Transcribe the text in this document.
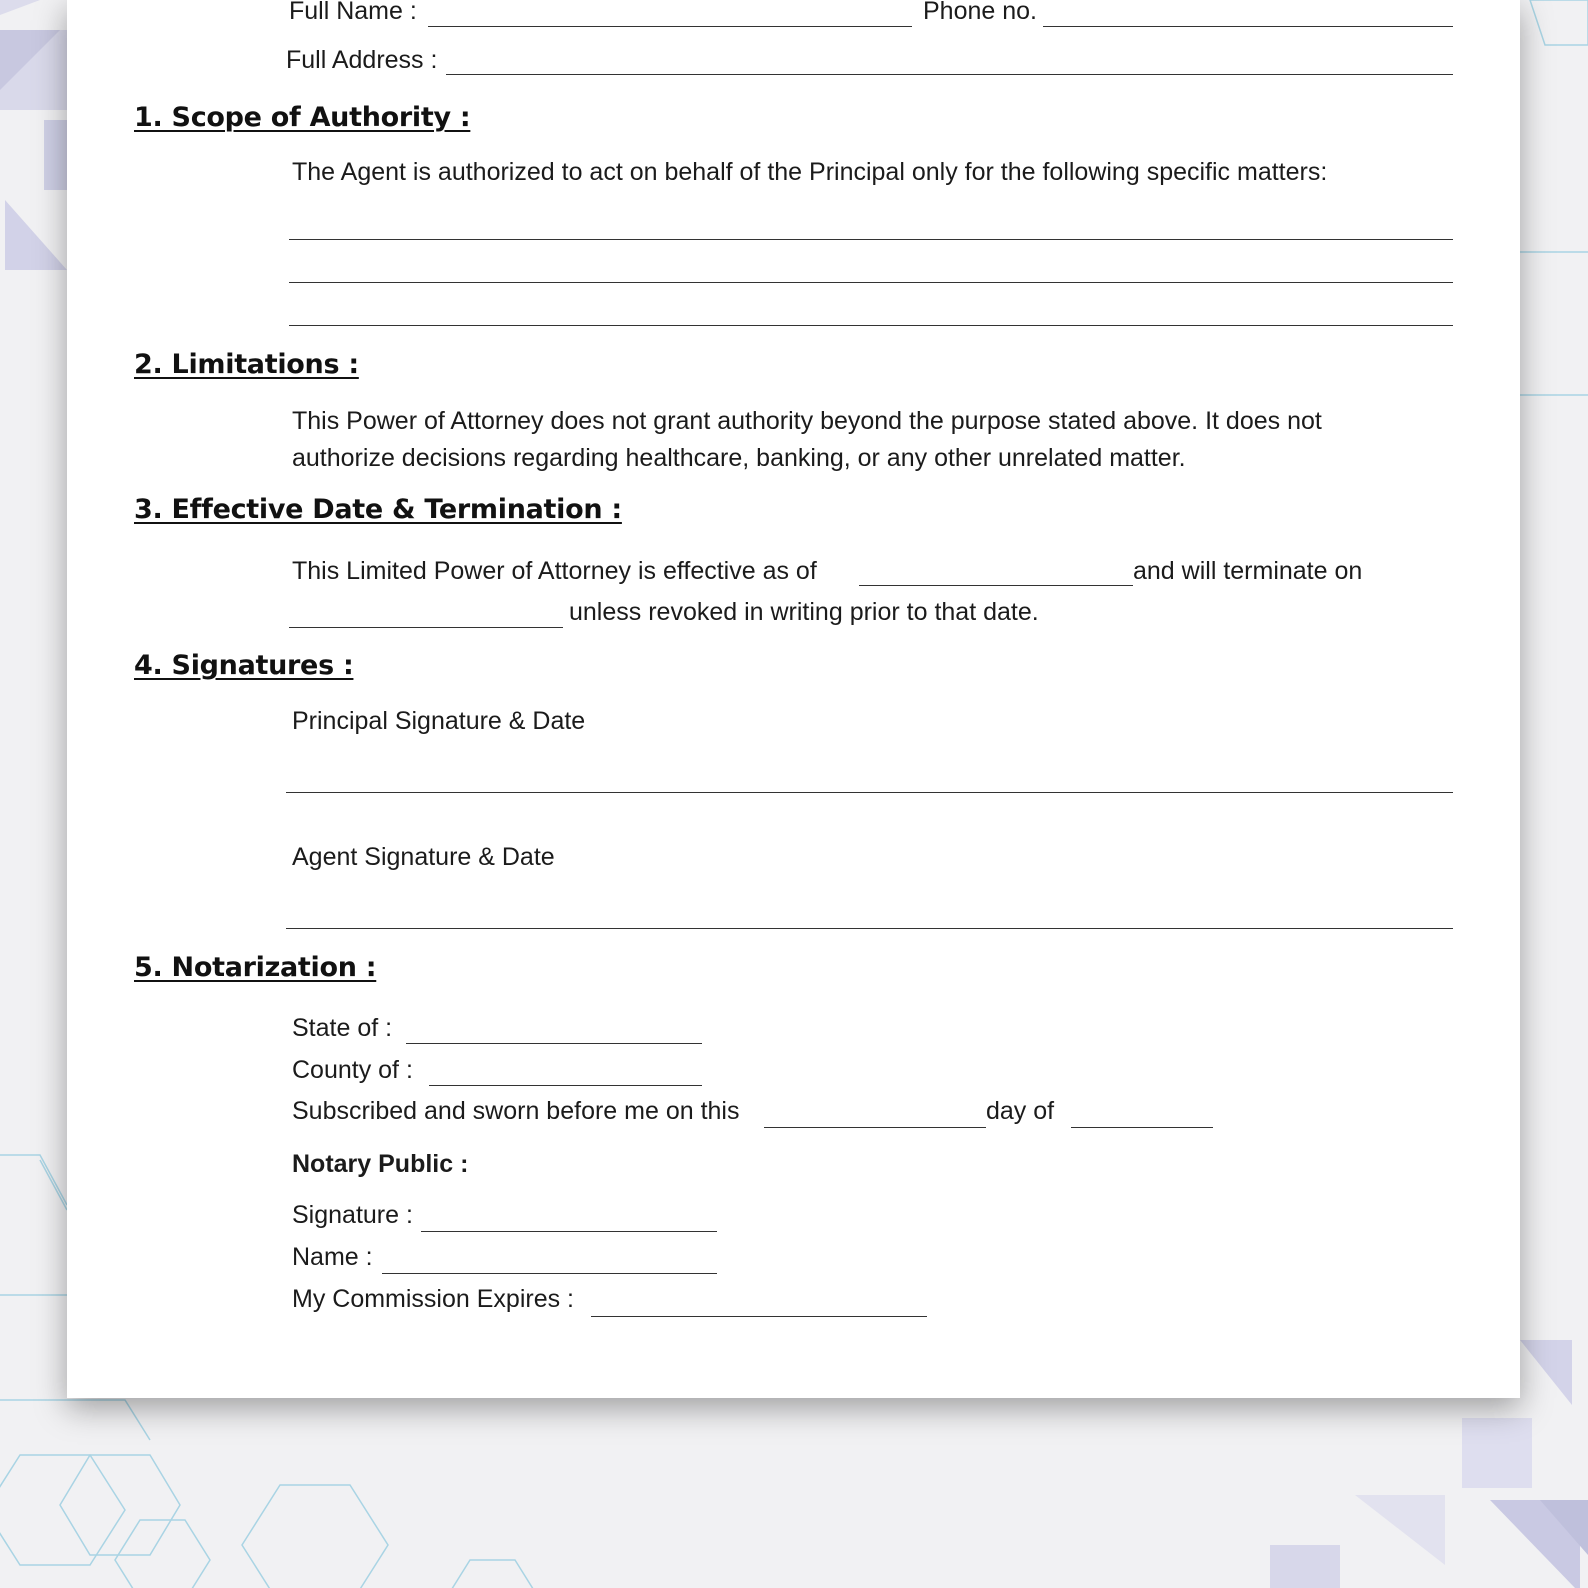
Full Name :	Phone no.
Full Address :
1. Scope of Authority :
The Agent is authorized to act on behalf of the Principal only for the following specific matters:
2. Limitations :
This Power of Attorney does not grant authority beyond the purpose stated above. It does not authorize decisions regarding healthcare, banking, or any other unrelated matter.
3. Effective Date & Termination :
This Limited Power of Attorney is effective as of	and will terminate on
unless revoked in writing prior to that date.
4. Signatures :
Principal Signature & Date
Agent Signature & Date
5. Notarization :
State of :
County of :
Subscribed and sworn before me on this	day of
Notary Public :
Signature :
Name :
My Commission Expires :
